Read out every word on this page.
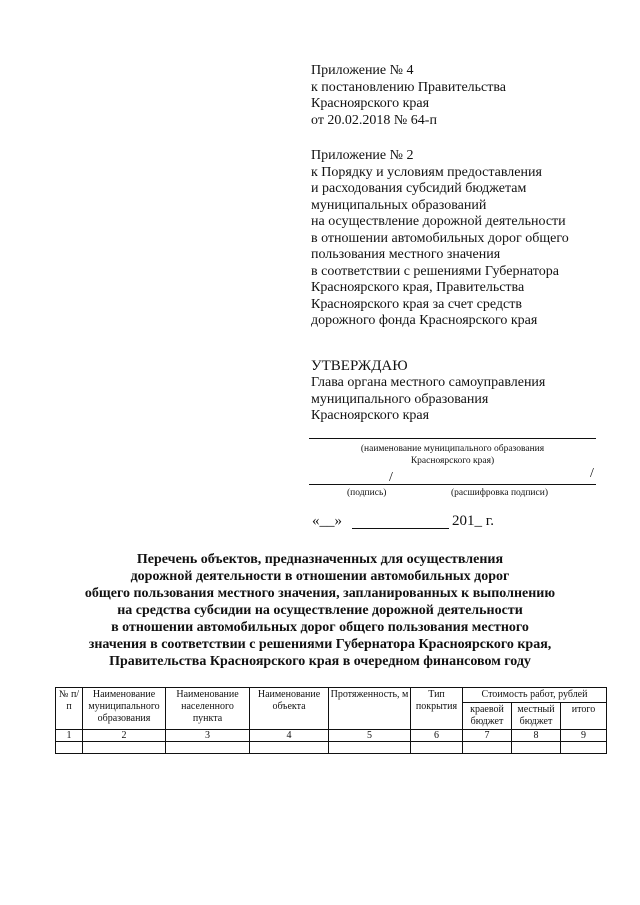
Приложение № 4
к постановлению Правительства
Красноярского края
от 20.02.2018 № 64-п
Приложение № 2
к Порядку и условиям предоставления
и расходования субсидий бюджетам
муниципальных образований
на осуществление дорожной деятельности
в отношении автомобильных дорог общего
пользования местного значения
в соответствии с решениями Губернатора
Красноярского края, Правительства
Красноярского края за счет средств
дорожного фонда Красноярского края
УТВЕРЖДАЮ
Глава органа местного самоуправления
муниципального образования
Красноярского края
(наименование муниципального образования
Красноярского края)
/	/
(подпись)	(расшифровка подписи)
«__»	201_ г.
Перечень объектов, предназначенных для осуществления
дорожной деятельности в отношении автомобильных дорог
общего пользования местного значения, запланированных к выполнению
на средства субсидии на осуществление дорожной деятельности
в отношении автомобильных дорог общего пользования местного
значения в соответствии с решениями Губернатора Красноярского края,
Правительства Красноярского края в очередном финансовом году
№ п/п	Наименование муниципального образования	Наименование населенного пункта	Наименование объекта	Протяженность, м	Тип покрытия	Стоимость работ, рублей		
						краевой бюджет	местный бюджет	итого
1	2	3	4	5	6	7	8	9
